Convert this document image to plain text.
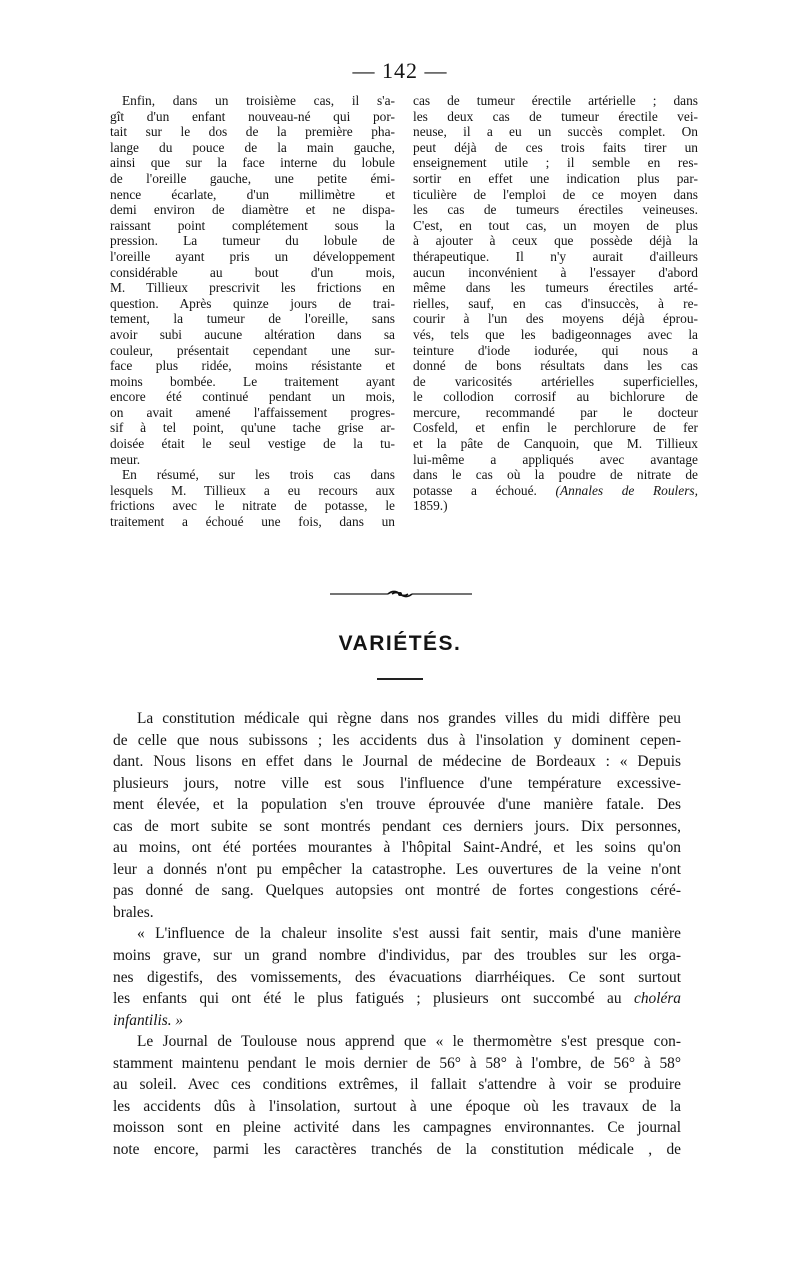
— 142 —
Enfin, dans un troisième cas, il s'a-
gît d'un enfant nouveau-né qui por-
tait sur le dos de la première pha-
lange du pouce de la main gauche,
ainsi que sur la face interne du lobule
de l'oreille gauche, une petite émi-
nence écarlate, d'un millimètre et
demi environ de diamètre et ne dispa-
raissant point complétement sous la
pression. La tumeur du lobule de
l'oreille ayant pris un développement
considérable au bout d'un mois,
M. Tillieux prescrivit les frictions en
question. Après quinze jours de trai-
tement, la tumeur de l'oreille, sans
avoir subi aucune altération dans sa
couleur, présentait cependant une sur-
face plus ridée, moins résistante et
moins bombée. Le traitement ayant
encore été continué pendant un mois,
on avait amené l'affaissement progres-
sif à tel point, qu'une tache grise ar-
doisée était le seul vestige de la tu-
meur.
En résumé, sur les trois cas dans
lesquels M. Tillieux a eu recours aux
frictions avec le nitrate de potasse, le
traitement a échoué une fois, dans un
cas de tumeur érectile artérielle ; dans
les deux cas de tumeur érectile vei-
neuse, il a eu un succès complet. On
peut déjà de ces trois faits tirer un
enseignement utile ; il semble en res-
sortir en effet une indication plus par-
ticulière de l'emploi de ce moyen dans
les cas de tumeurs érectiles veineuses.
C'est, en tout cas, un moyen de plus
à ajouter à ceux que possède déjà la
thérapeutique. Il n'y aurait d'ailleurs
aucun inconvénient à l'essayer d'abord
même dans les tumeurs érectiles arté-
rielles, sauf, en cas d'insuccès, à re-
courir à l'un des moyens déjà éprou-
vés, tels que les badigeonnages avec la
teinture d'iode iodurée, qui nous a
donné de bons résultats dans les cas
de varicosités artérielles superficielles,
le collodion corrosif au bichlorure de
mercure, recommandé par le docteur
Cosfeld, et enfin le perchlorure de fer
et la pâte de Canquoin, que M. Tillieux
lui-même a appliqués avec avantage
dans le cas où la poudre de nitrate de
potasse a échoué. (Annales de Roulers,
1859.)
VARIÉTÉS.
La constitution médicale qui règne dans nos grandes villes du midi diffère peu
de celle que nous subissons ; les accidents dus à l'insolation y dominent cepen-
dant. Nous lisons en effet dans le Journal de médecine de Bordeaux : « Depuis
plusieurs jours, notre ville est sous l'influence d'une température excessive-
ment élevée, et la population s'en trouve éprouvée d'une manière fatale. Des
cas de mort subite se sont montrés pendant ces derniers jours. Dix personnes,
au moins, ont été portées mourantes à l'hôpital Saint-André, et les soins qu'on
leur a donnés n'ont pu empêcher la catastrophe. Les ouvertures de la veine n'ont
pas donné de sang. Quelques autopsies ont montré de fortes congestions céré-
brales.
« L'influence de la chaleur insolite s'est aussi fait sentir, mais d'une manière
moins grave, sur un grand nombre d'individus, par des troubles sur les orga-
nes digestifs, des vomissements, des évacuations diarrhéiques. Ce sont surtout
les enfants qui ont été le plus fatigués ; plusieurs ont succombé au choléra
infantilis. »
Le Journal de Toulouse nous apprend que « le thermomètre s'est presque con-
stamment maintenu pendant le mois dernier de 56° à 58° à l'ombre, de 56° à 58°
au soleil. Avec ces conditions extrêmes, il fallait s'attendre à voir se produire
les accidents dûs à l'insolation, surtout à une époque où les travaux de la
moisson sont en pleine activité dans les campagnes environnantes. Ce journal
note encore, parmi les caractères tranchés de la constitution médicale , de
